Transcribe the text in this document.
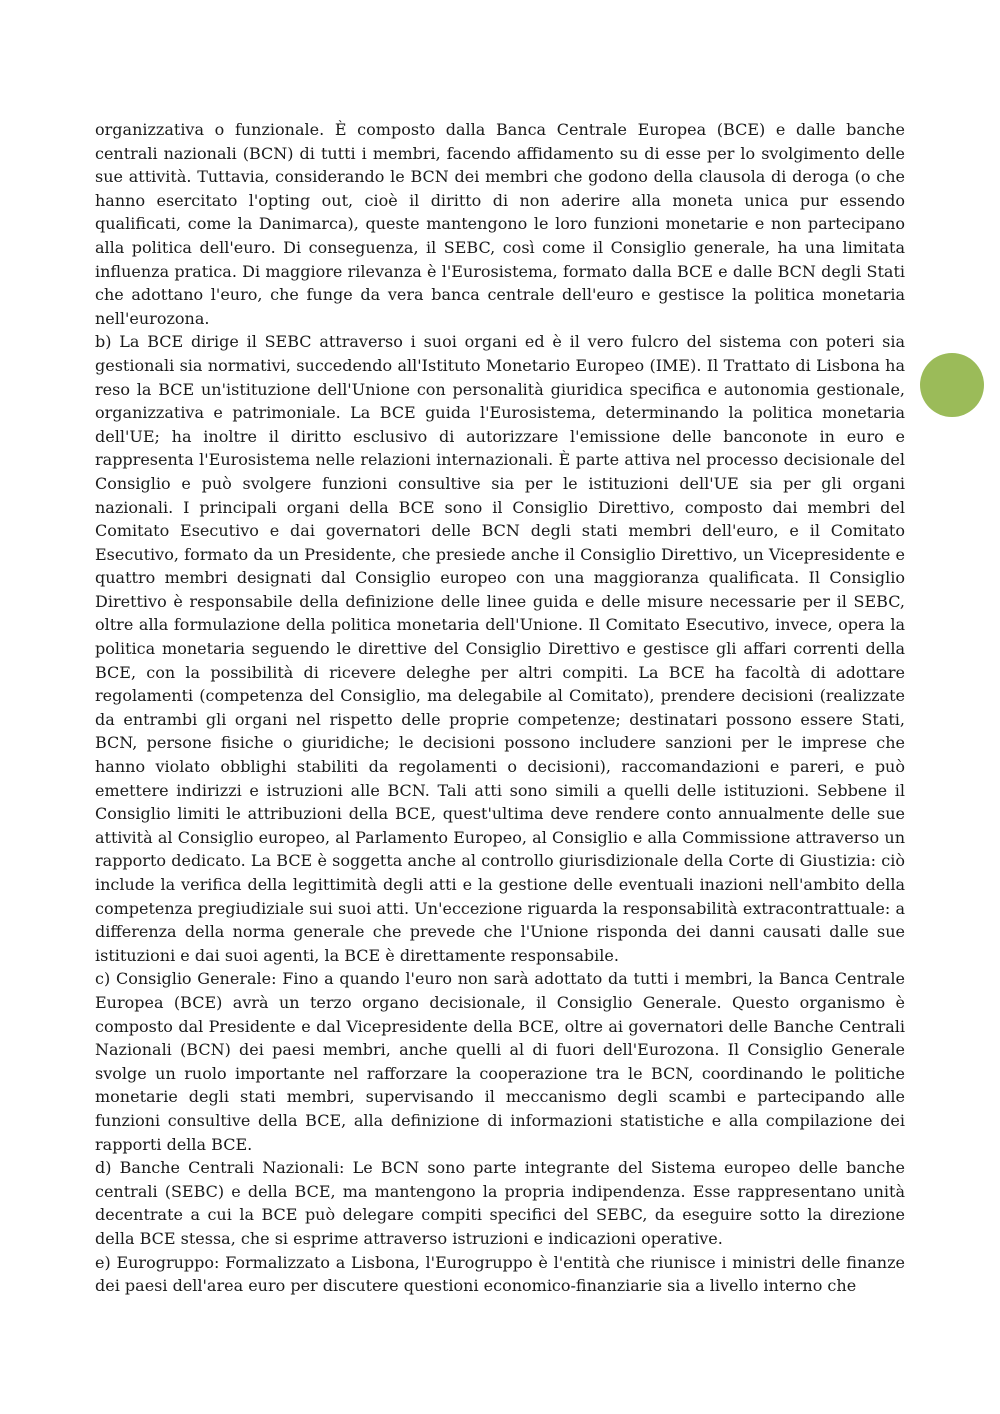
organizzativa o funzionale. È composto dalla Banca Centrale Europea (BCE) e dalle banche centrali nazionali (BCN) di tutti i membri, facendo affidamento su di esse per lo svolgimento delle sue attività. Tuttavia, considerando le BCN dei membri che godono della clausola di deroga (o che hanno esercitato l'opting out, cioè il diritto di non aderire alla moneta unica pur essendo qualificati, come la Danimarca), queste mantengono le loro funzioni monetarie e non partecipano alla politica dell'euro. Di conseguenza, il SEBC, così come il Consiglio generale, ha una limitata influenza pratica. Di maggiore rilevanza è l'Eurosistema, formato dalla BCE e dalle BCN degli Stati che adottano l'euro, che funge da vera banca centrale dell'euro e gestisce la politica monetaria nell'eurozona.

b) La BCE dirige il SEBC attraverso i suoi organi ed è il vero fulcro del sistema con poteri sia gestionali sia normativi, succedendo all'Istituto Monetario Europeo (IME). Il Trattato di Lisbona ha reso la BCE un'istituzione dell'Unione con personalità giuridica specifica e autonomia gestionale, organizzativa e patrimoniale. La BCE guida l'Eurosistema, determinando la politica monetaria dell'UE; ha inoltre il diritto esclusivo di autorizzare l'emissione delle banconote in euro e rappresenta l'Eurosistema nelle relazioni internazionali. È parte attiva nel processo decisionale del Consiglio e può svolgere funzioni consultive sia per le istituzioni dell'UE sia per gli organi nazionali. I principali organi della BCE sono il Consiglio Direttivo, composto dai membri del Comitato Esecutivo e dai governatori delle BCN degli stati membri dell'euro, e il Comitato Esecutivo, formato da un Presidente, che presiede anche il Consiglio Direttivo, un Vicepresidente e quattro membri designati dal Consiglio europeo con una maggioranza qualificata. Il Consiglio Direttivo è responsabile della definizione delle linee guida e delle misure necessarie per il SEBC, oltre alla formulazione della politica monetaria dell'Unione. Il Comitato Esecutivo, invece, opera la politica monetaria seguendo le direttive del Consiglio Direttivo e gestisce gli affari correnti della BCE, con la possibilità di ricevere deleghe per altri compiti. La BCE ha facoltà di adottare regolamenti (competenza del Consiglio, ma delegabile al Comitato), prendere decisioni (realizzate da entrambi gli organi nel rispetto delle proprie competenze; destinatari possono essere Stati, BCN, persone fisiche o giuridiche; le decisioni possono includere sanzioni per le imprese che hanno violato obblighi stabiliti da regolamenti o decisioni), raccomandazioni e pareri, e può emettere indirizzi e istruzioni alle BCN. Tali atti sono simili a quelli delle istituzioni. Sebbene il Consiglio limiti le attribuzioni della BCE, quest'ultima deve rendere conto annualmente delle sue attività al Consiglio europeo, al Parlamento Europeo, al Consiglio e alla Commissione attraverso un rapporto dedicato. La BCE è soggetta anche al controllo giurisdizionale della Corte di Giustizia: ciò include la verifica della legittimità degli atti e la gestione delle eventuali inazioni nell'ambito della competenza pregiudiziale sui suoi atti. Un'eccezione riguarda la responsabilità extracontrattuale: a differenza della norma generale che prevede che l'Unione risponda dei danni causati dalle sue istituzioni e dai suoi agenti, la BCE è direttamente responsabile.

c) Consiglio Generale: Fino a quando l'euro non sarà adottato da tutti i membri, la Banca Centrale Europea (BCE) avrà un terzo organo decisionale, il Consiglio Generale. Questo organismo è composto dal Presidente e dal Vicepresidente della BCE, oltre ai governatori delle Banche Centrali Nazionali (BCN) dei paesi membri, anche quelli al di fuori dell'Eurozona. Il Consiglio Generale svolge un ruolo importante nel rafforzare la cooperazione tra le BCN, coordinando le politiche monetarie degli stati membri, supervisando il meccanismo degli scambi e partecipando alle funzioni consultive della BCE, alla definizione di informazioni statistiche e alla compilazione dei rapporti della BCE.

d) Banche Centrali Nazionali: Le BCN sono parte integrante del Sistema europeo delle banche centrali (SEBC) e della BCE, ma mantengono la propria indipendenza. Esse rappresentano unità decentrate a cui la BCE può delegare compiti specifici del SEBC, da eseguire sotto la direzione della BCE stessa, che si esprime attraverso istruzioni e indicazioni operative.

e) Eurogruppo: Formalizzato a Lisbona, l'Eurogruppo è l'entità che riunisce i ministri delle finanze dei paesi dell'area euro per discutere questioni economico-finanziarie sia a livello interno che
